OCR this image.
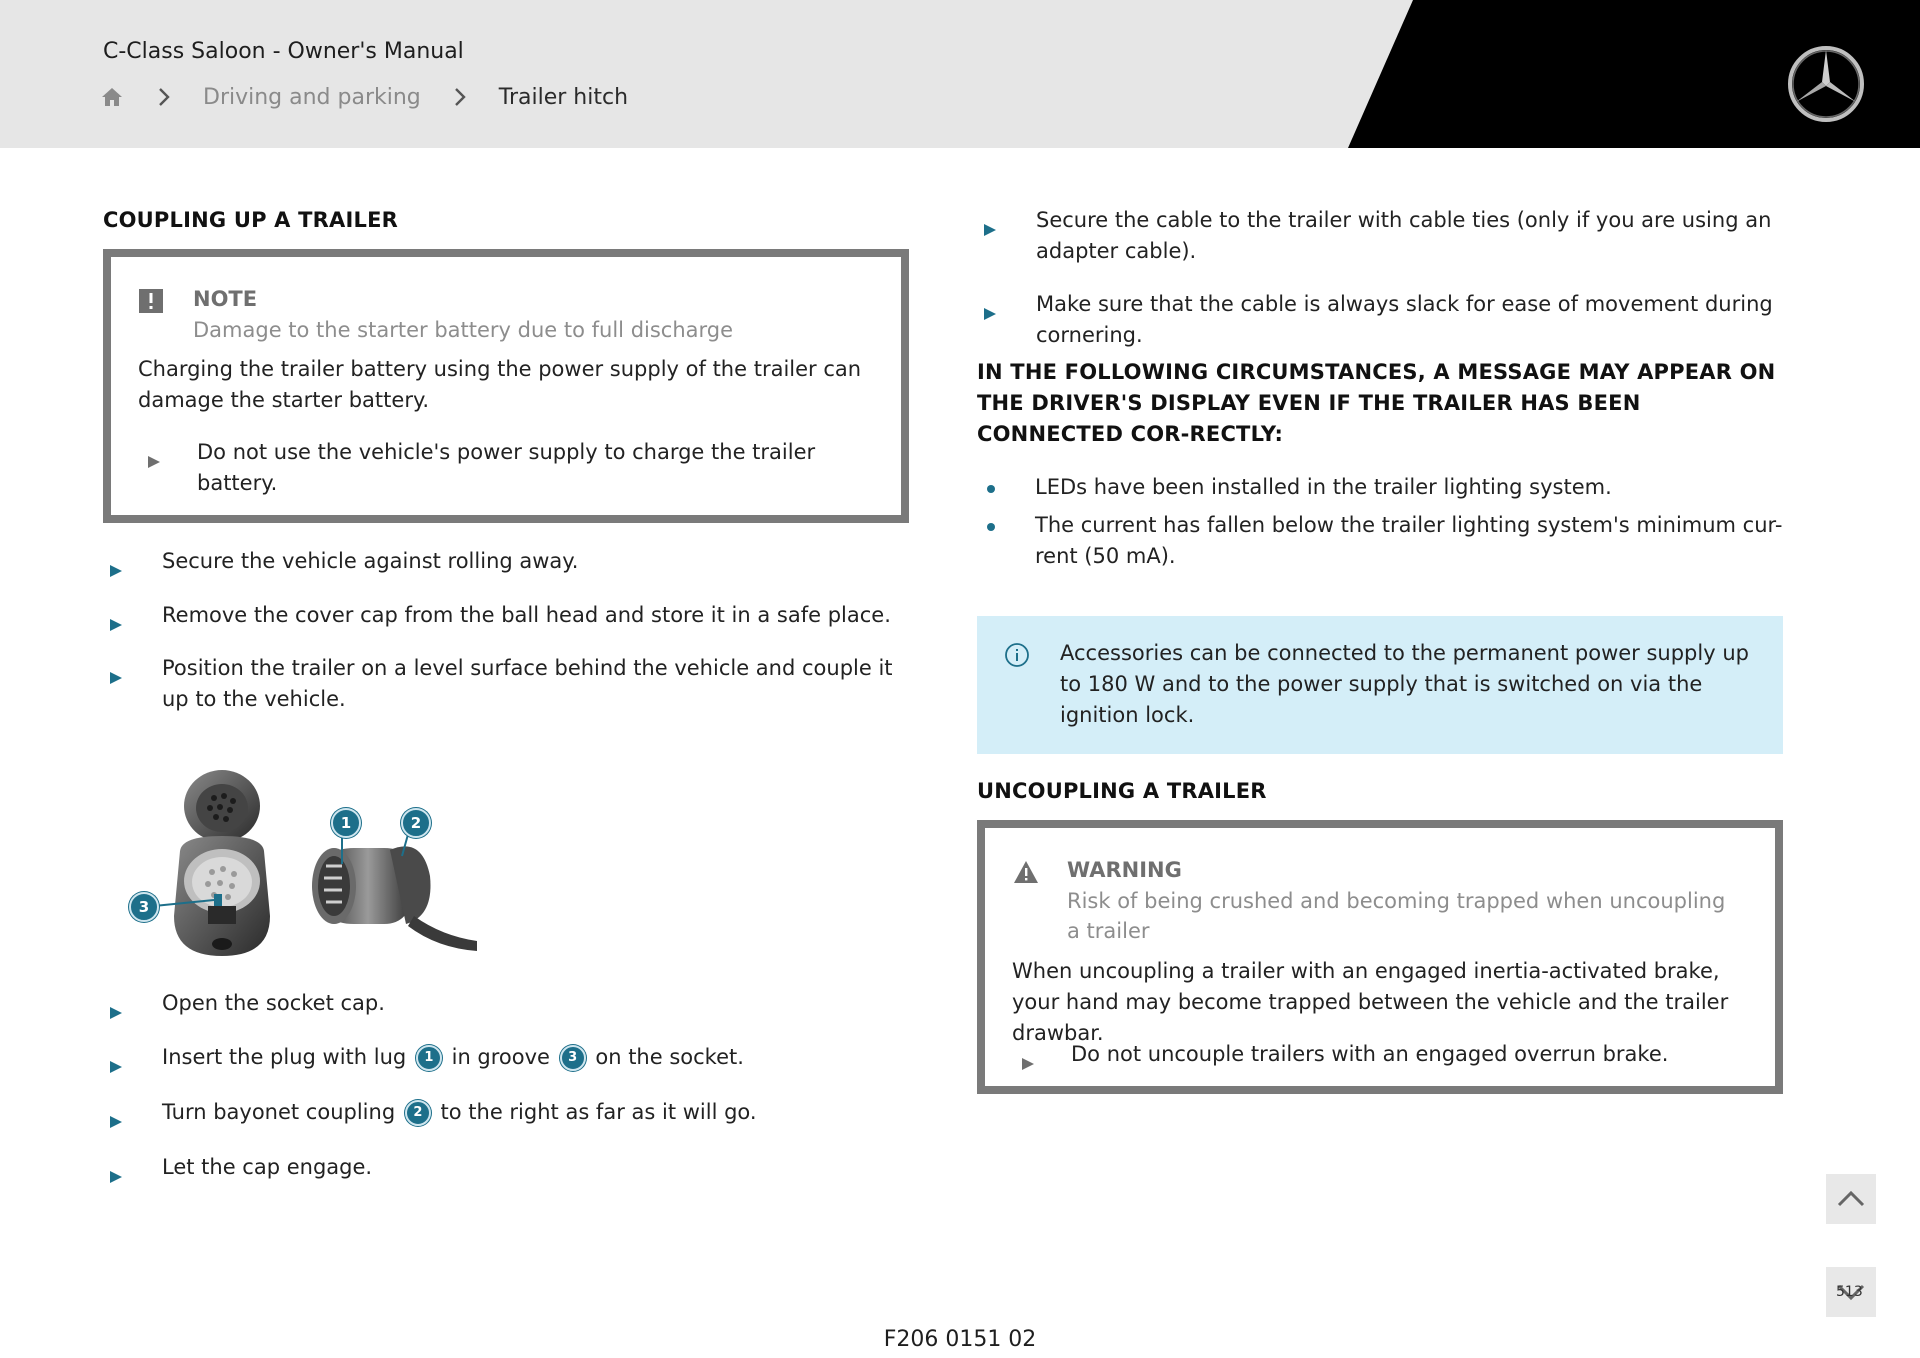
C-Class Saloon - Owner's Manual
Driving and parking	Trailer hitch
COUPLING UP A TRAILER
NOTE
Damage to the starter battery due to full discharge
Charging the trailer battery using the power supply of the trailer can damage the starter battery.
Do not use the vehicle's power supply to charge the trailer battery.
Secure the vehicle against rolling away.
Remove the cover cap from the ball head and store it in a safe place.
Position the trailer on a level surface behind the vehicle and couple it up to the vehicle.
1	2
3
Open the socket cap.
Insert the plug with lug 1 in groove 3 on the socket.
Turn bayonet coupling 2 to the right as far as it will go.
Let the cap engage.
Secure the cable to the trailer with cable ties (only if you are using an adapter cable).
Make sure that the cable is always slack for ease of movement during cornering.
IN THE FOLLOWING CIRCUMSTANCES, A MESSAGE MAY APPEAR ON THE DRIVER'S DISPLAY EVEN IF THE TRAILER HAS BEEN CONNECTED COR-RECTLY:
LEDs have been installed in the trailer lighting system.
The current has fallen below the trailer lighting system's minimum cur-rent (50 mA).
Accessories can be connected to the permanent power supply up to 180 W and to the power supply that is switched on via the ignition lock.
UNCOUPLING A TRAILER
WARNING
Risk of being crushed and becoming trapped when uncoupling a trailer
When uncoupling a trailer with an engaged inertia-activated brake, your hand may become trapped between the vehicle and the trailer drawbar.
Do not uncouple trailers with an engaged overrun brake.
513
F206 0151 02
